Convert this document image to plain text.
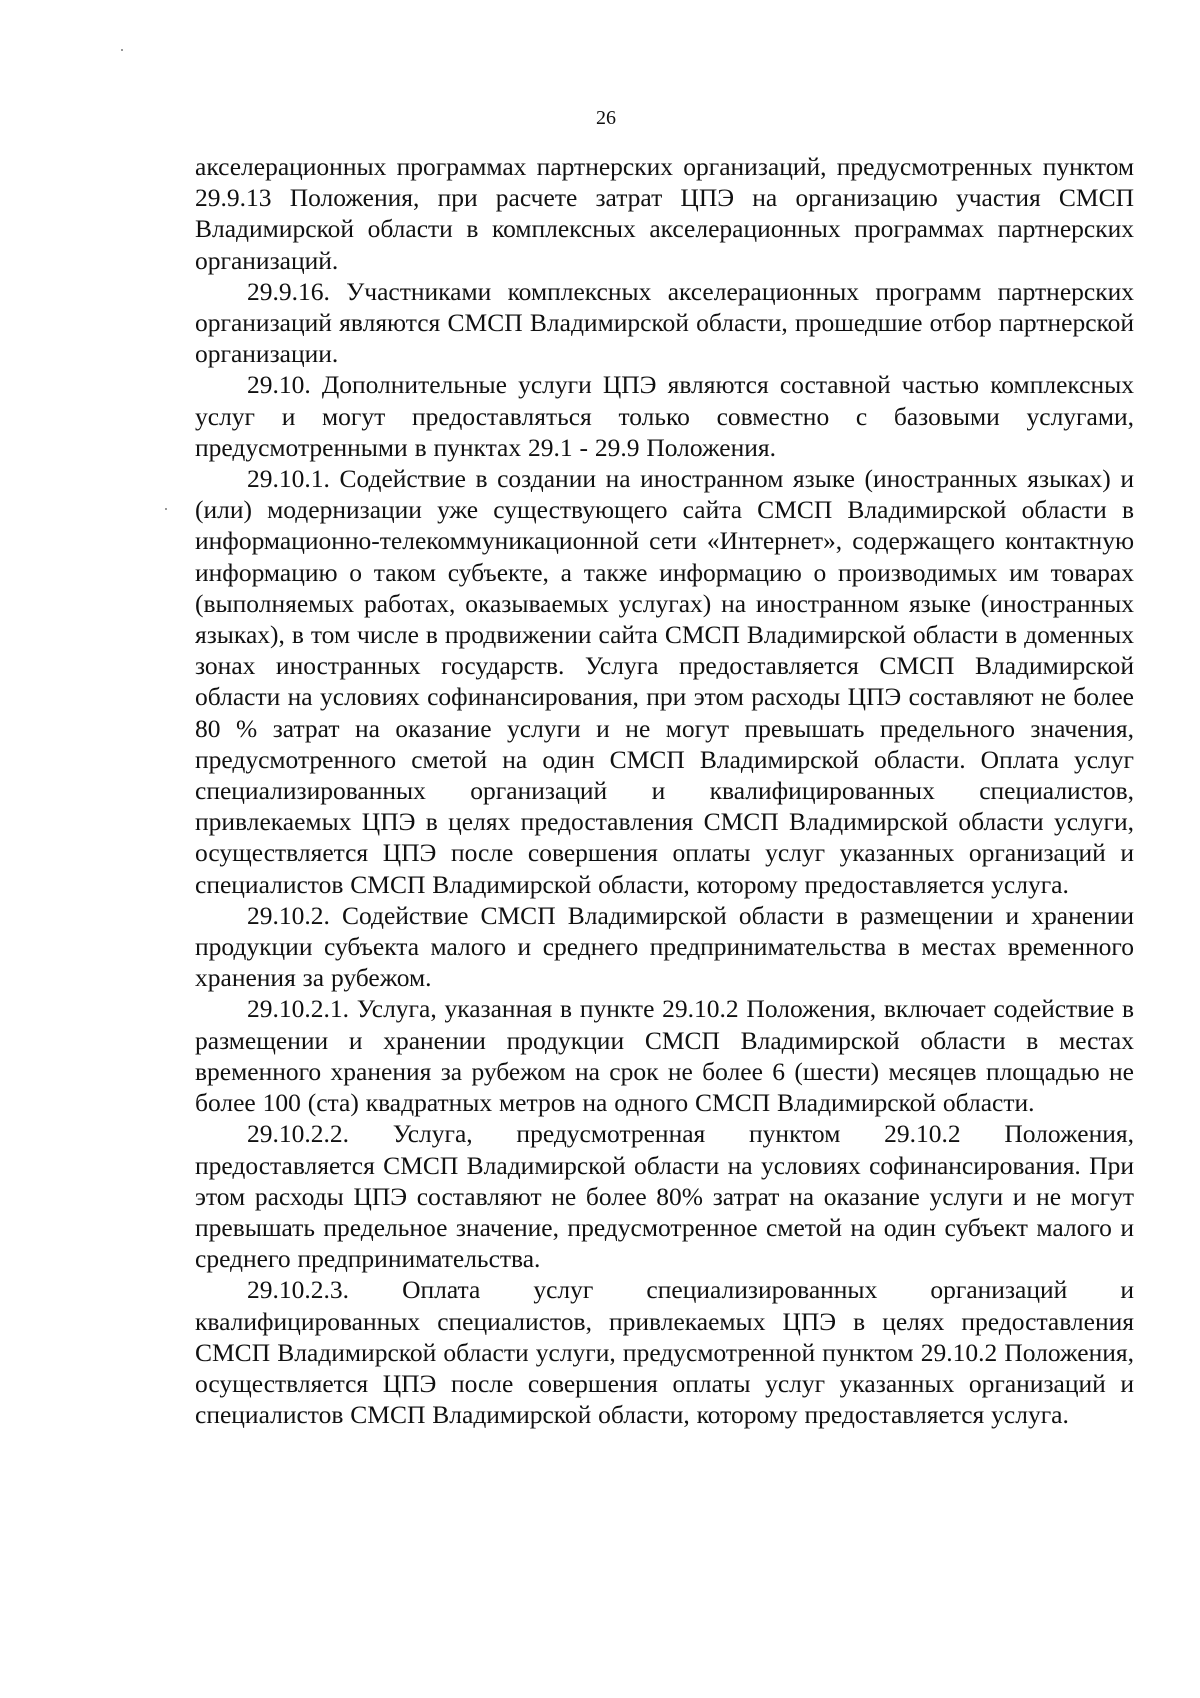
26

акселерационных программах партнерских организаций, предусмотренных пунктом 29.9.13 Положения, при расчете затрат ЦПЭ на организацию участия СМСП Владимирской области в комплексных акселерационных программах партнерских организаций.

29.9.16. Участниками комплексных акселерационных программ партнерских организаций являются СМСП Владимирской области, прошедшие отбор партнерской организации.

29.10. Дополнительные услуги ЦПЭ являются составной частью комплексных услуг и могут предоставляться только совместно с базовыми услугами, предусмотренными в пунктах 29.1 - 29.9 Положения.

29.10.1. Содействие в создании на иностранном языке (иностранных языках) и (или) модернизации уже существующего сайта СМСП Владимирской области в информационно-телекоммуникационной сети «Интернет», содержащего контактную информацию о таком субъекте, а также информацию о производимых им товарах (выполняемых работах, оказываемых услугах) на иностранном языке (иностранных языках), в том числе в продвижении сайта СМСП Владимирской области в доменных зонах иностранных государств. Услуга предоставляется СМСП Владимирской области на условиях софинансирования, при этом расходы ЦПЭ составляют не более 80 % затрат на оказание услуги и не могут превышать предельного значения, предусмотренного сметой на один СМСП Владимирской области. Оплата услуг специализированных организаций и квалифицированных специалистов, привлекаемых ЦПЭ в целях предоставления СМСП Владимирской области услуги, осуществляется ЦПЭ после совершения оплаты услуг указанных организаций и специалистов СМСП Владимирской области, которому предоставляется услуга.

29.10.2. Содействие СМСП Владимирской области в размещении и хранении продукции субъекта малого и среднего предпринимательства в местах временного хранения за рубежом.

29.10.2.1. Услуга, указанная в пункте 29.10.2 Положения, включает содействие в размещении и хранении продукции СМСП Владимирской области в местах временного хранения за рубежом на срок не более 6 (шести) месяцев площадью не более 100 (ста) квадратных метров на одного СМСП Владимирской области.

29.10.2.2. Услуга, предусмотренная пунктом 29.10.2 Положения, предоставляется СМСП Владимирской области на условиях софинансирования. При этом расходы ЦПЭ составляют не более 80% затрат на оказание услуги и не могут превышать предельное значение, предусмотренное сметой на один субъект малого и среднего предпринимательства.

29.10.2.3. Оплата услуг специализированных организаций и квалифицированных специалистов, привлекаемых ЦПЭ в целях предоставления СМСП Владимирской области услуги, предусмотренной пунктом 29.10.2 Положения, осуществляется ЦПЭ после совершения оплаты услуг указанных организаций и специалистов СМСП Владимирской области, которому предоставляется услуга.
